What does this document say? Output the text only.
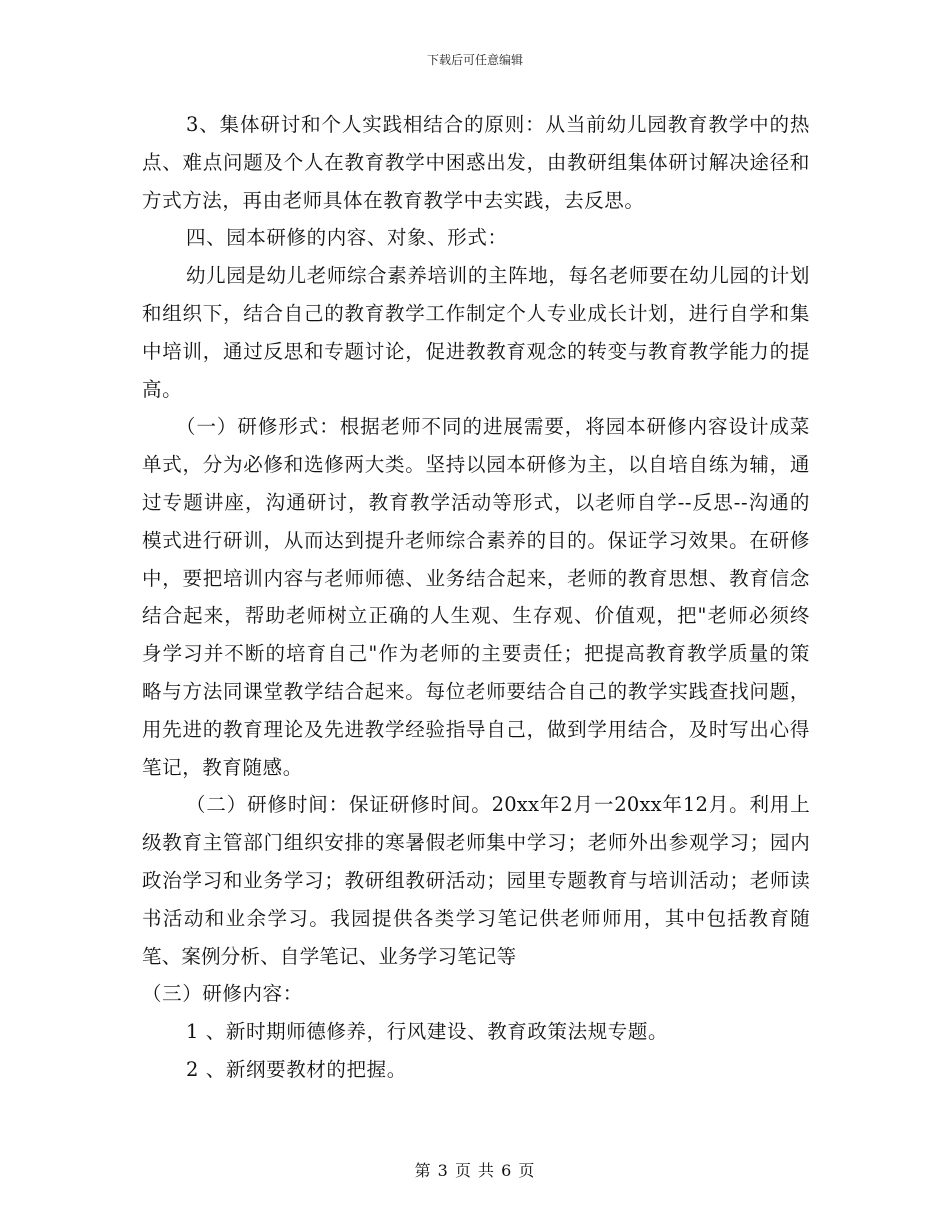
下载后可任意编辑

3、集体研讨和个人实践相结合的原则：从当前幼儿园教育教学中的热点、难点问题及个人在教育教学中困惑出发，由教研组集体研讨解决途径和方式方法，再由老师具体在教育教学中去实践，去反思。

四、园本研修的内容、对象、形式：

幼儿园是幼儿老师综合素养培训的主阵地，每名老师要在幼儿园的计划和组织下，结合自己的教育教学工作制定个人专业成长计划，进行自学和集中培训，通过反思和专题讨论，促进教教育观念的转变与教育教学能力的提高。

（一）研修形式：根据老师不同的进展需要，将园本研修内容设计成菜单式，分为必修和选修两大类。坚持以园本研修为主，以自培自练为辅，通过专题讲座，沟通研讨，教育教学活动等形式，以老师自学--反思--沟通的模式进行研训，从而达到提升老师综合素养的目的。保证学习效果。在研修中，要把培训内容与老师师德、业务结合起来，老师的教育思想、教育信念结合起来，帮助老师树立正确的人生观、生存观、价值观，把"老师必须终身学习并不断的培育自己"作为老师的主要责任；把提高教育教学质量的策略与方法同课堂教学结合起来。每位老师要结合自己的教学实践查找问题，用先进的教育理论及先进教学经验指导自己，做到学用结合，及时写出心得笔记，教育随感。

（二）研修时间：保证研修时间。20xx年2月一20xx年12月。利用上级教育主管部门组织安排的寒暑假老师集中学习；老师外出参观学习；园内政治学习和业务学习；教研组教研活动；园里专题教育与培训活动；老师读书活动和业余学习。我园提供各类学习笔记供老师师用，其中包括教育随笔、案例分析、自学笔记、业务学习笔记等

（三）研修内容：

1 、新时期师德修养，行风建设、教育政策法规专题。

2 、新纲要教材的把握。

第 3 页 共 6 页
